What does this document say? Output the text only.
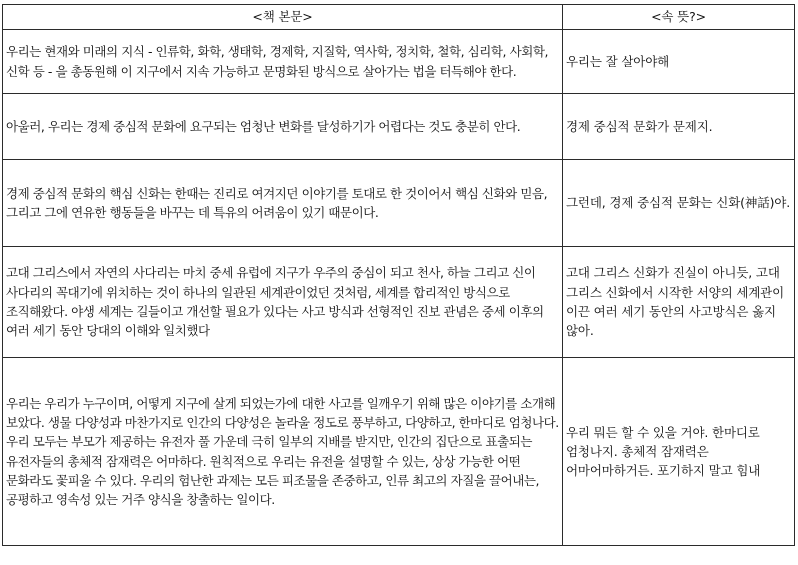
<책 본문>	<속 뜻?>
우리는 현재와 미래의 지식 - 인류학, 화학, 생태학, 경제학, 지질학, 역사학, 정치학, 철학, 심리학, 사회학, 신학 등 - 을 총동원해 이 지구에서 지속 가능하고 문명화된 방식으로 살아가는 법을 터득해야 한다.	우리는 잘 살아야해
아울러, 우리는 경제 중심적 문화에 요구되는 엄청난 변화를 달성하기가 어렵다는 것도 충분히 안다.	경제 중심적 문화가 문제지.
경제 중심적 문화의 핵심 신화는 한때는 진리로 여겨지던 이야기를 토대로 한 것이어서 핵심 신화와 믿음, 그리고 그에 연유한 행동들을 바꾸는 데 특유의 어려움이 있기 때문이다.	그런데, 경제 중심적 문화는 신화(神話)야.
고대 그리스에서 자연의 사다리는 마치 중세 유럽에 지구가 우주의 중심이 되고 천사, 하늘 그리고 신이 사다리의 꼭대기에 위치하는 것이 하나의 일관된 세계관이었던 것처럼, 세계를 합리적인 방식으로 조직해왔다. 야생 세계는 길들이고 개선할 필요가 있다는 사고 방식과 선형적인 진보 관념은 중세 이후의 여러 세기 동안 당대의 이해와 일치했다	고대 그리스 신화가 진실이 아니듯, 고대 그리스 신화에서 시작한 서양의 세계관이 이끈 여러 세기 동안의 사고방식은 옳지 않아.
우리는 우리가 누구이며, 어떻게 지구에 살게 되었는가에 대한 사고를 일깨우기 위해 많은 이야기를 소개해 보았다. 생물 다양성과 마찬가지로 인간의 다양성은 놀라울 정도로 풍부하고, 다양하고, 한마디로 엄청나다. 우리 모두는 부모가 제공하는 유전자 풀 가운데 극히 일부의 지배를 받지만, 인간의 집단으로 표출되는 유전자들의 총체적 잠재력은 어마하다. 원칙적으로 우리는 유전을 설명할 수 있는, 상상 가능한 어떤 문화라도 꽃피울 수 있다. 우리의 험난한 과제는 모든 피조물을 존중하고, 인류 최고의 자질을 끌어내는, 공평하고 영속성 있는 거주 양식을 창출하는 일이다.	우리 뭐든 할 수 있을 거야. 한마디로 엄청나지. 총체적 잠재력은 어마어마하거든. 포기하지 말고 힘내
